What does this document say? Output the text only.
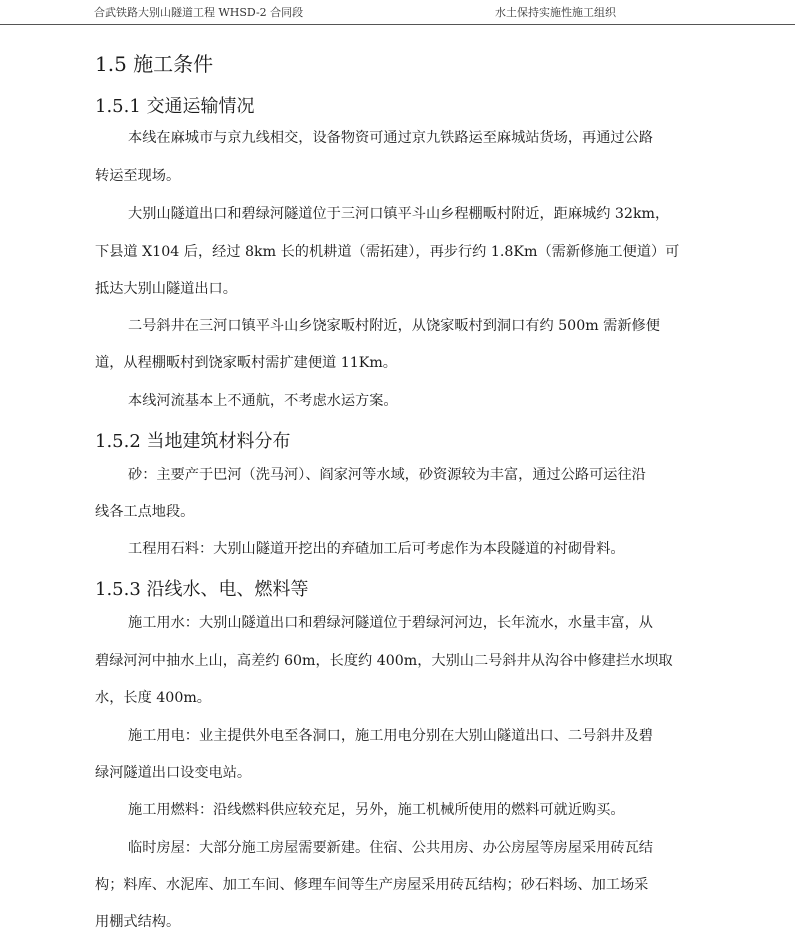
合武铁路大别山隧道工程 WHSD-2 合同段	水土保持实施性施工组织
1.5 施工条件
1.5.1 交通运输情况
本线在麻城市与京九线相交，设备物资可通过京九铁路运至麻城站货场，再通过公路
转运至现场。
大别山隧道出口和碧绿河隧道位于三河口镇平斗山乡程棚畈村附近，距麻城约 32km，
下县道 X104 后，经过 8km 长的机耕道（需拓建），再步行约 1.8Km（需新修施工便道）可
抵达大别山隧道出口。
二号斜井在三河口镇平斗山乡饶家畈村附近，从饶家畈村到洞口有约 500m 需新修便
道，从程棚畈村到饶家畈村需扩建便道 11Km。
本线河流基本上不通航，不考虑水运方案。
1.5.2 当地建筑材料分布
砂：主要产于巴河（洗马河）、阎家河等水域，砂资源较为丰富，通过公路可运往沿
线各工点地段。
工程用石料：大别山隧道开挖出的弃碴加工后可考虑作为本段隧道的衬砌骨料。
1.5.3 沿线水、电、燃料等
施工用水：大别山隧道出口和碧绿河隧道位于碧绿河河边，长年流水，水量丰富，从
碧绿河河中抽水上山，高差约 60m，长度约 400m，大别山二号斜井从沟谷中修建拦水坝取
水，长度 400m。
施工用电：业主提供外电至各洞口，施工用电分别在大别山隧道出口、二号斜井及碧
绿河隧道出口设变电站。
施工用燃料：沿线燃料供应较充足，另外，施工机械所使用的燃料可就近购买。
临时房屋：大部分施工房屋需要新建。住宿、公共用房、办公房屋等房屋采用砖瓦结
构；料库、水泥库、加工车间、修理车间等生产房屋采用砖瓦结构；砂石料场、加工场采
用棚式结构。
